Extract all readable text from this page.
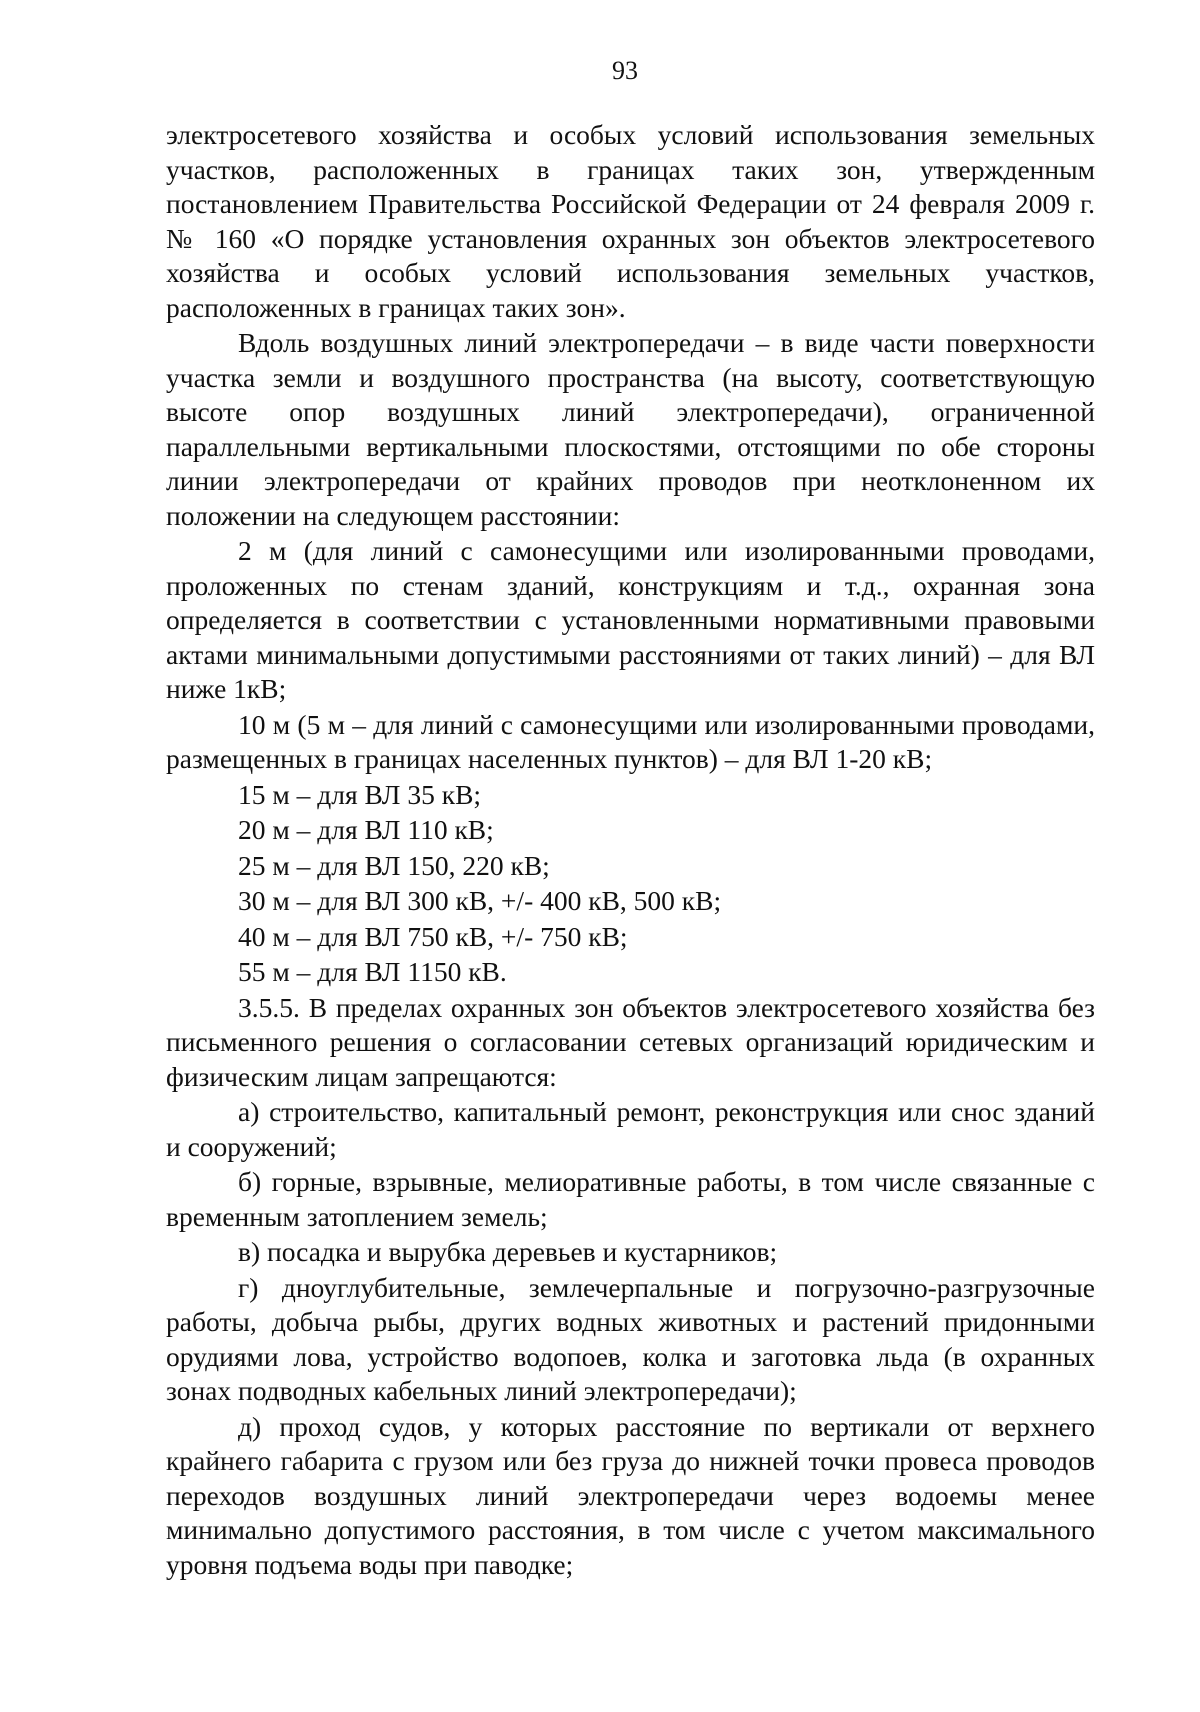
93

электросетевого хозяйства и особых условий использования земельных участков, расположенных в границах таких зон, утвержденным постановлением Правительства Российской Федерации от 24 февраля 2009 г. № 160 «О порядке установления охранных зон объектов электросетевого хозяйства и особых условий использования земельных участков, расположенных в границах таких зон».

Вдоль воздушных линий электропередачи – в виде части поверхности участка земли и воздушного пространства (на высоту, соответствующую высоте опор воздушных линий электропередачи), ограниченной параллельными вертикальными плоскостями, отстоящими по обе стороны линии электропередачи от крайних проводов при неотклоненном их положении на следующем расстоянии:

2 м (для линий с самонесущими или изолированными проводами, проложенных по стенам зданий, конструкциям и т.д., охранная зона определяется в соответствии с установленными нормативными правовыми актами минимальными допустимыми расстояниями от таких линий) – для ВЛ ниже 1кВ;

10 м (5 м – для линий с самонесущими или изолированными проводами, размещенных в границах населенных пунктов) – для ВЛ 1-20 кВ;

15 м – для ВЛ 35 кВ;

20 м – для ВЛ 110 кВ;

25 м – для ВЛ 150, 220 кВ;

30 м – для ВЛ 300 кВ, +/- 400 кВ, 500 кВ;

40 м – для ВЛ 750 кВ, +/- 750 кВ;

55 м – для ВЛ 1150 кВ.

3.5.5. В пределах охранных зон объектов электросетевого хозяйства без письменного решения о согласовании сетевых организаций юридическим и физическим лицам запрещаются:

а) строительство, капитальный ремонт, реконструкция или снос зданий и сооружений;

б) горные, взрывные, мелиоративные работы, в том числе связанные с временным затоплением земель;

в) посадка и вырубка деревьев и кустарников;

г) дноуглубительные, землечерпальные и погрузочно-разгрузочные работы, добыча рыбы, других водных животных и растений придонными орудиями лова, устройство водопоев, колка и заготовка льда (в охранных зонах подводных кабельных линий электропередачи);

д) проход судов, у которых расстояние по вертикали от верхнего крайнего габарита с грузом или без груза до нижней точки провеса проводов переходов воздушных линий электропередачи через водоемы менее минимально допустимого расстояния, в том числе с учетом максимального уровня подъема воды при паводке;
